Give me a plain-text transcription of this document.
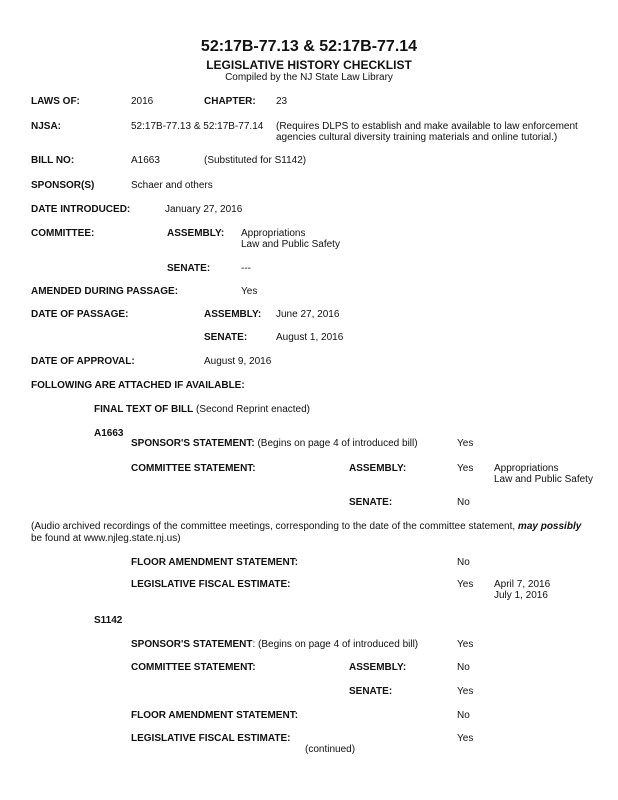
52:17B-77.13 & 52:17B-77.14
LEGISLATIVE HISTORY CHECKLIST
Compiled by the NJ State Law Library
LAWS OF:	2016	CHAPTER: 23
NJSA:	52:17B-77.13 & 52:17B-77.14 (Requires DLPS to establish and make available to law enforcement
agencies cultural diversity training materials and online tutorial.)
BILL NO:	A1663	(Substituted for S1142)
SPONSOR(S)	Schaer and others
DATE INTRODUCED:	January 27, 2016
COMMITTEE:	ASSEMBLY: Appropriations
Law and Public Safety
SENATE:	---
AMENDED DURING PASSAGE:	Yes
DATE OF PASSAGE:	ASSEMBLY: June 27, 2016
SENATE:	August 1, 2016
DATE OF APPROVAL:	August 9, 2016
FOLLOWING ARE ATTACHED IF AVAILABLE:
FINAL TEXT OF BILL (Second Reprint enacted)
A1663
SPONSOR'S STATEMENT: (Begins on page 4 of introduced bill)	Yes
COMMITTEE STATEMENT:	ASSEMBLY:	Yes Appropriations
Law and Public Safety
SENATE:	No
(Audio archived recordings of the committee meetings, corresponding to the date of the committee statement, may possibly
be found at www.njleg.state.nj.us)
FLOOR AMENDMENT STATEMENT:	No
LEGISLATIVE FISCAL ESTIMATE:	Yes April 7, 2016
July 1, 2016
S1142
SPONSOR'S STATEMENT: (Begins on page 4 of introduced bill)	Yes
COMMITTEE STATEMENT:	ASSEMBLY:	No
SENATE:	Yes
FLOOR AMENDMENT STATEMENT:	No
LEGISLATIVE FISCAL ESTIMATE:	Yes
(continued)
